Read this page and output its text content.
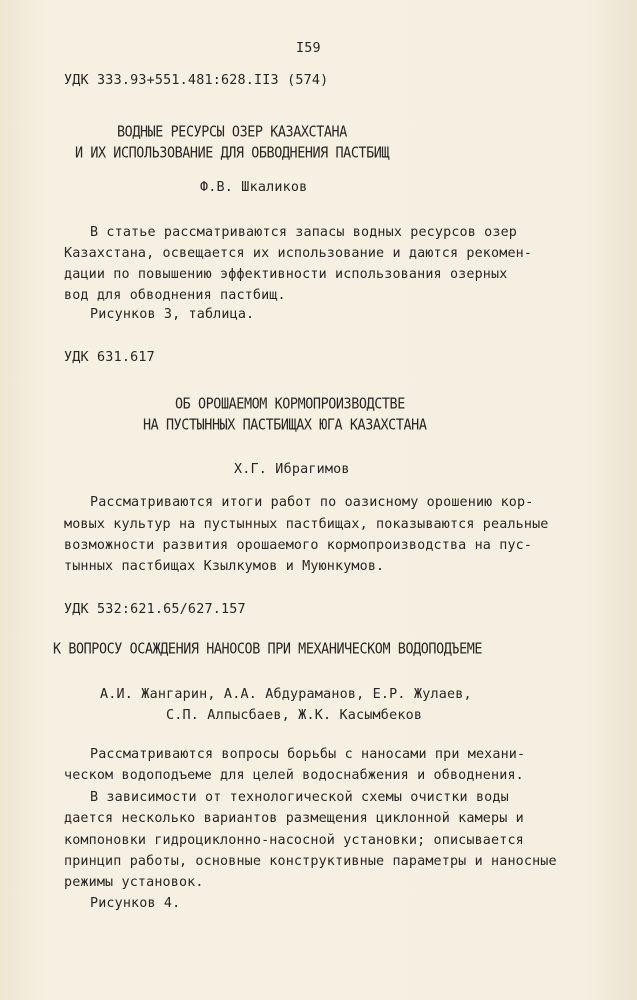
I59
УДК 333.93+551.481:628.II3 (574)
ВОДНЫЕ РЕСУРСЫ ОЗЕР КАЗАХСТАНА
И ИХ ИСПОЛЬЗОВАНИЕ ДЛЯ ОБВОДНЕНИЯ ПАСТБИЩ
Ф.В. Шкаликов
В статье рассматриваются запасы водных ресурсов озер
Казахстана, освещается их использование и даются рекомен-
дации по повышению эффективности использования озерных
вод для обводнения пастбищ.
Рисунков 3, таблица.
УДК 631.617
ОБ ОРОШАЕМОМ КОРМОПРОИЗВОДСТВЕ
НА ПУСТЫННЫХ ПАСТБИЩАХ ЮГА КАЗАХСТАНА
Х.Г. Ибрагимов
Рассматриваются итоги работ по оазисному орошению кор-
мовых культур на пустынных пастбищах, показываются реальные
возможности развития орошаемого кормопроизводства на пус-
тынных пастбищах Кзылкумов и Муюнкумов.
УДК 532:621.65/627.157
К ВОПРОСУ ОСАЖДЕНИЯ НАНОСОВ ПРИ МЕХАНИЧЕСКОМ ВОДОПОДЪЕМЕ
А.И. Жангарин, А.А. Абдураманов, Е.Р. Жулаев,
С.П. Алпысбаев, Ж.К. Касымбеков
Рассматриваются вопросы борьбы с наносами при механи-
ческом водоподъеме для целей водоснабжения и обводнения.
В зависимости от технологической схемы очистки воды
дается несколько вариантов размещения циклонной камеры и
компоновки гидроциклонно-насосной установки; описывается
принцип работы, основные конструктивные параметры и наносные
режимы установок.
Рисунков 4.
